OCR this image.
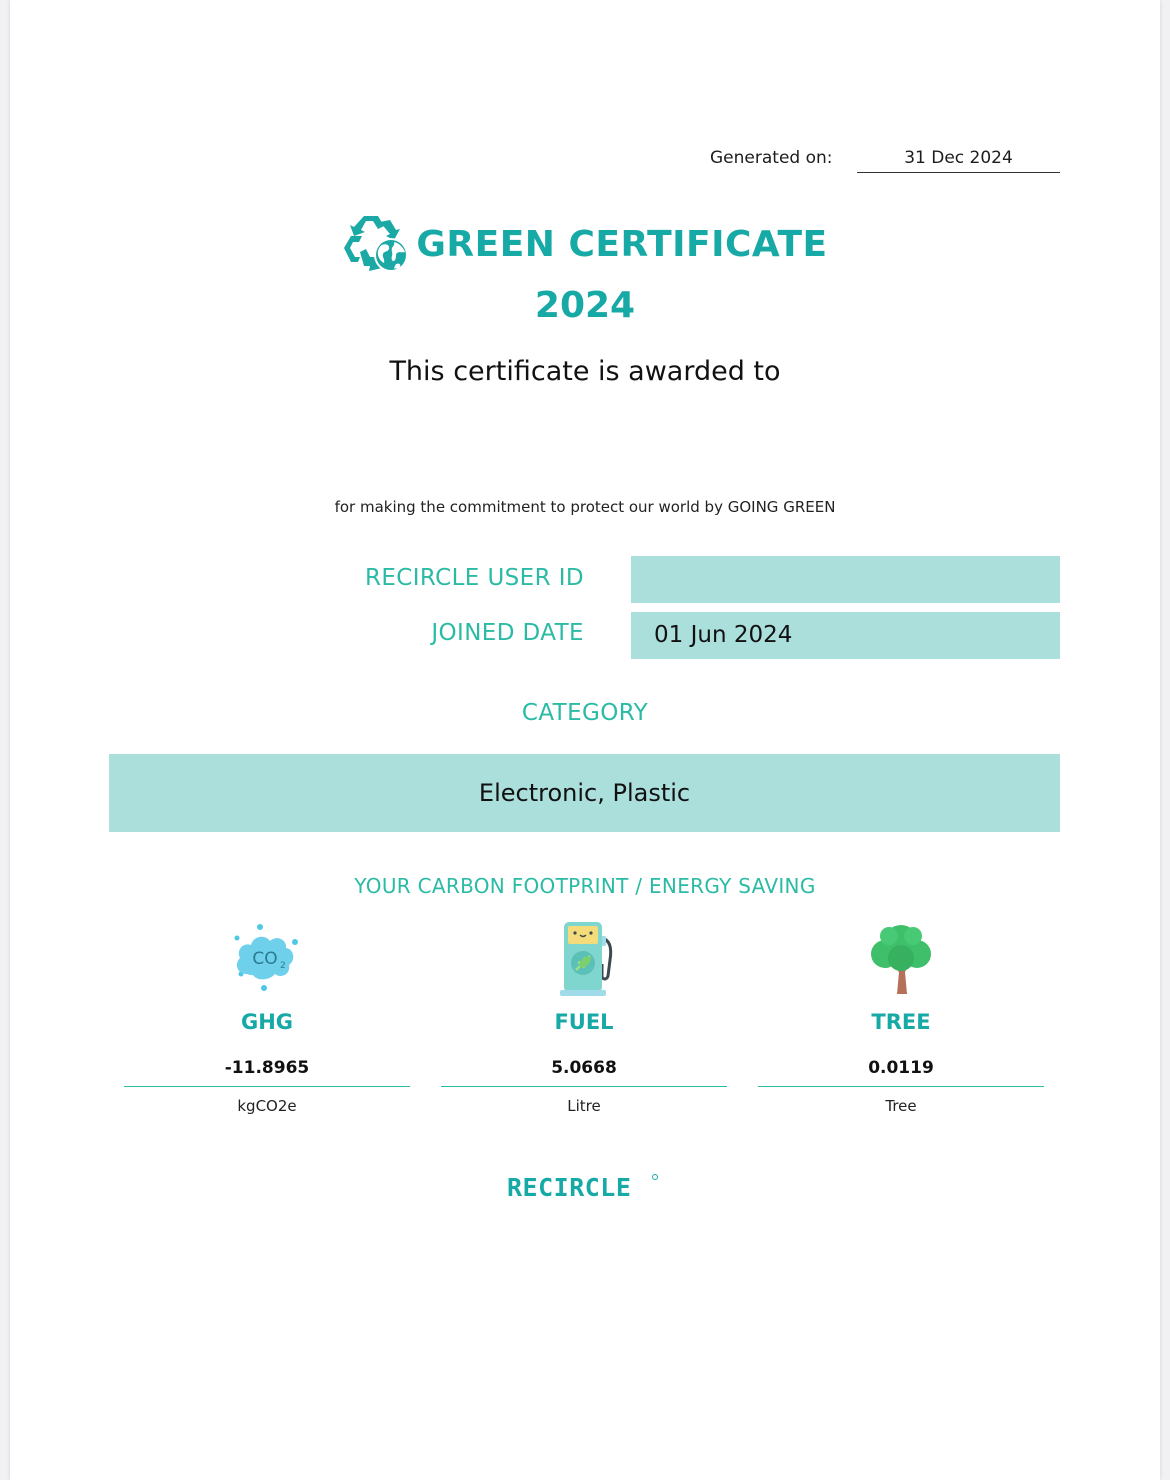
Generated on:	31 Dec 2024
GREEN CERTIFICATE
2024
This certificate is awarded to
for making the commitment to protect our world by GOING GREEN
RECIRCLE USER ID
JOINED DATE	01 Jun 2024
CATEGORY
Electronic, Plastic
YOUR CARBON FOOTPRINT / ENERGY SAVING
CO 2
GHG
-11.8965
kgCO2e
FUEL
5.0668
Litre
TREE
0.0119
Tree
RECIRCLE
